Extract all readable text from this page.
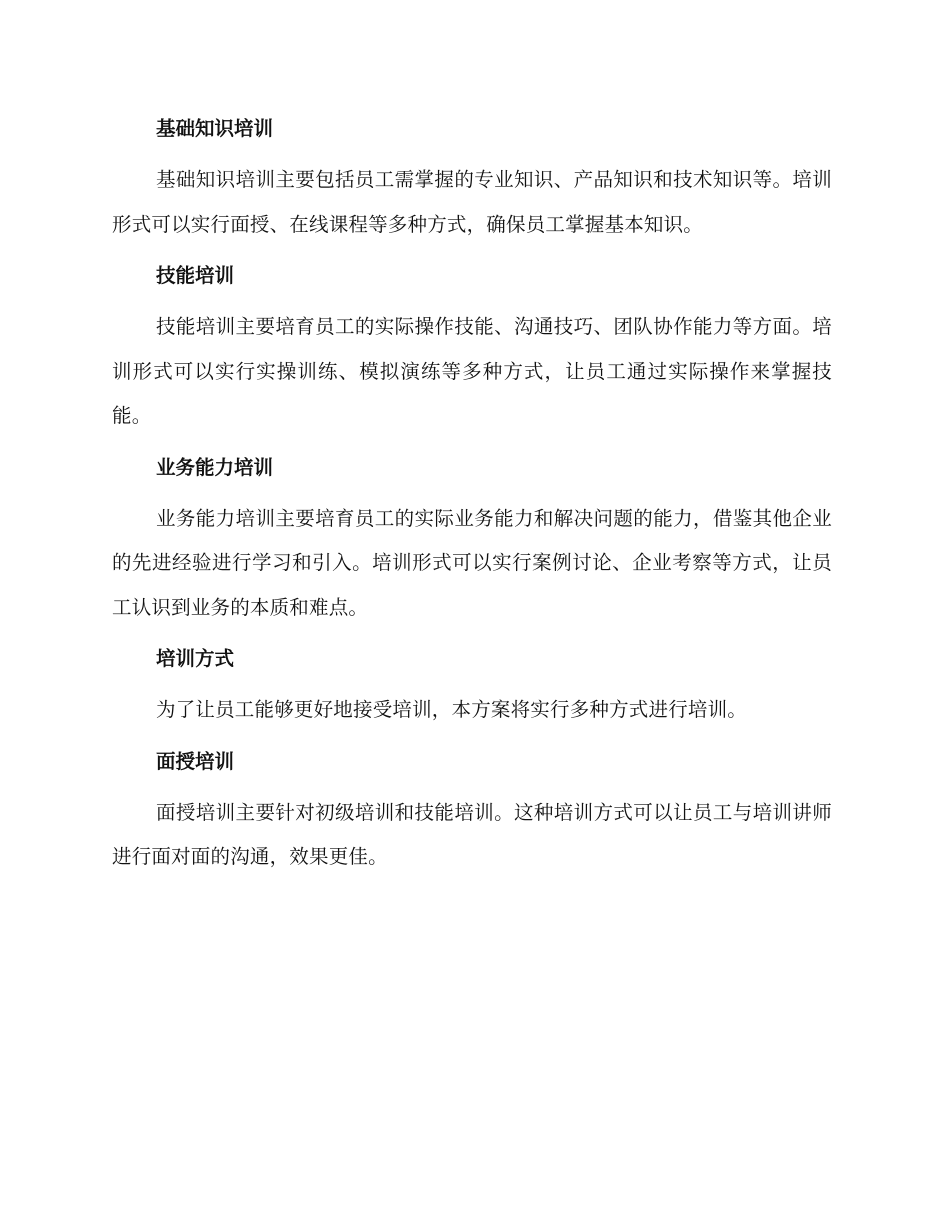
基础知识培训

基础知识培训主要包括员工需掌握的专业知识、产品知识和技术知识等。培训形式可以实行面授、在线课程等多种方式，确保员工掌握基本知识。

技能培训

技能培训主要培育员工的实际操作技能、沟通技巧、团队协作能力等方面。培训形式可以实行实操训练、模拟演练等多种方式，让员工通过实际操作来掌握技能。

业务能力培训

业务能力培训主要培育员工的实际业务能力和解决问题的能力，借鉴其他企业的先进经验进行学习和引入。培训形式可以实行案例讨论、企业考察等方式，让员工认识到业务的本质和难点。

培训方式

为了让员工能够更好地接受培训，本方案将实行多种方式进行培训。

面授培训

面授培训主要针对初级培训和技能培训。这种培训方式可以让员工与培训讲师进行面对面的沟通，效果更佳。
